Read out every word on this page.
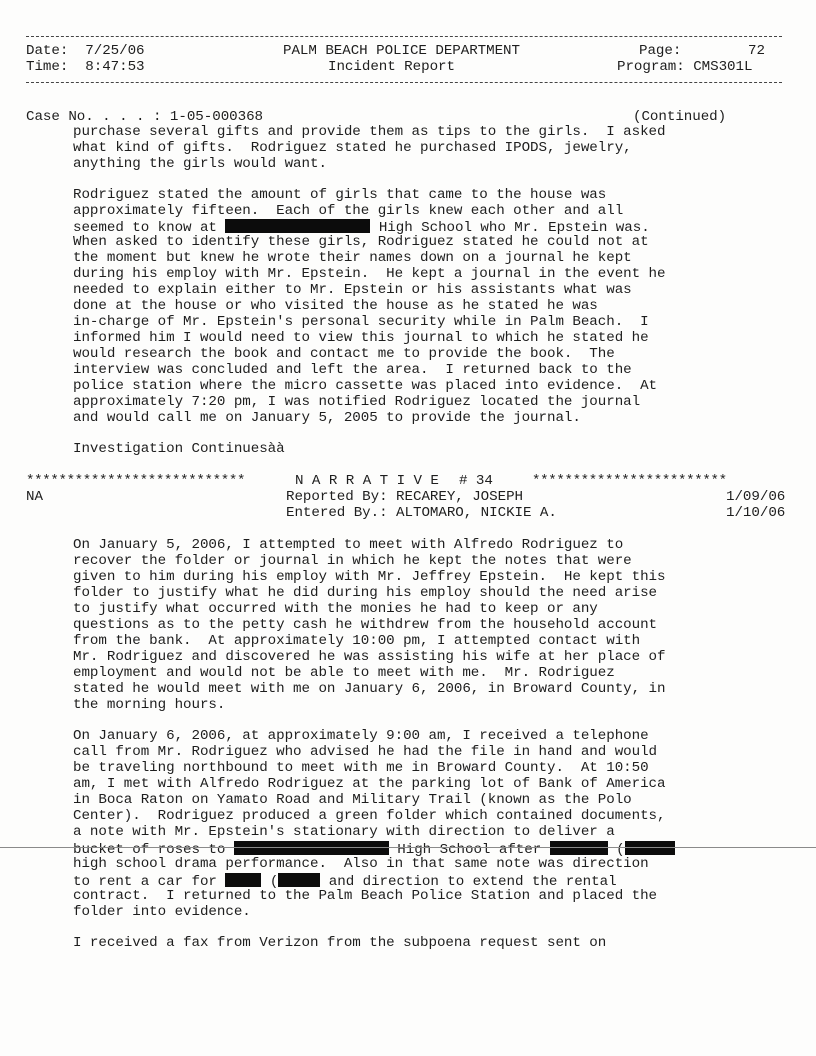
Date: 7/25/06
Time: 8:47:53
PALM BEACH POLICE DEPARTMENT
Incident Report
Page:	72
Program: CMS301L
Case No. . . . : 1-05-000368	(Continued)
purchase several gifts and provide them as tips to the girls.  I asked
what kind of gifts.  Rodriguez stated he purchased IPODS, jewelry,
anything the girls would want.
Rodriguez stated the amount of girls that came to the house was
approximately fifteen.  Each of the girls knew each other and all
seemed to know at	High School who Mr. Epstein was.
When asked to identify these girls, Rodriguez stated he could not at
the moment but knew he wrote their names down on a journal he kept
during his employ with Mr. Epstein.  He kept a journal in the event he
needed to explain either to Mr. Epstein or his assistants what was
done at the house or who visited the house as he stated he was
in-charge of Mr. Epstein's personal security while in Palm Beach.  I
informed him I would need to view this journal to which he stated he
would research the book and contact me to provide the book.  The
interview was concluded and left the area.  I returned back to the
police station where the micro cassette was placed into evidence.  At
approximately 7:20 pm, I was notified Rodriguez located the journal
and would call me on January 5, 2005 to provide the journal.
Investigation Continuesàà
***************************	N A R R A T I V E # 34	************************
NA	Reported By: RECAREY, JOSEPH	1/09/06
Entered By.: ALTOMARO, NICKIE A.	1/10/06
On January 5, 2006, I attempted to meet with Alfredo Rodriguez to
recover the folder or journal in which he kept the notes that were
given to him during his employ with Mr. Jeffrey Epstein.  He kept this
folder to justify what he did during his employ should the need arise
to justify what occurred with the monies he had to keep or any
questions as to the petty cash he withdrew from the household account
from the bank.  At approximately 10:00 pm, I attempted contact with
Mr. Rodriguez and discovered he was assisting his wife at her place of
employment and would not be able to meet with me.  Mr. Rodriguez
stated he would meet with me on January 6, 2006, in Broward County, in
the morning hours.
On January 6, 2006, at approximately 9:00 am, I received a telephone
call from Mr. Rodriguez who advised he had the file in hand and would
be traveling northbound to meet with me in Broward County.  At 10:50
am, I met with Alfredo Rodriguez at the parking lot of Bank of America
in Boca Raton on Yamato Road and Military Trail (known as the Polo
Center).  Rodriguez produced a green folder which contained documents,
a note with Mr. Epstein's stationary with direction to deliver a
bucket of roses to	High School after	(
high school drama performance.  Also in that same note was direction
to rent a car for	(	and direction to extend the rental
contract.  I returned to the Palm Beach Police Station and placed the
folder into evidence.
I received a fax from Verizon from the subpoena request sent on
